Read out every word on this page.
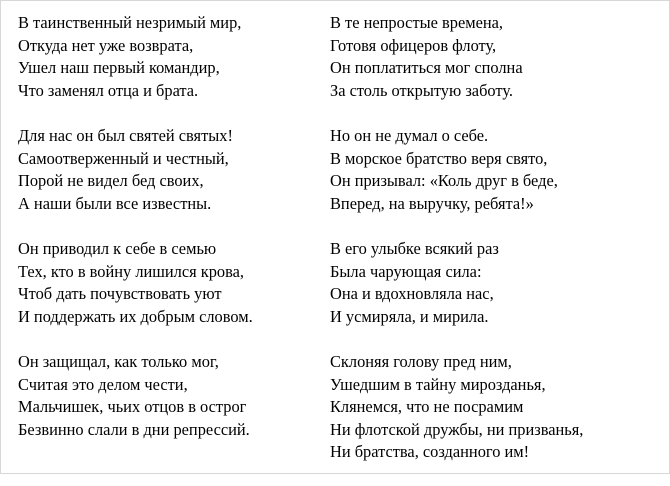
В таинственный незримый мир,
Откуда нет уже возврата,
Ушел наш первый командир,
Что заменял отца и брата.

Для нас он был святей святых!
Самоотверженный и честный,
Порой не видел бед своих,
А наши были все известны.

Он приводил к себе в семью
Тех, кто в войну лишился крова,
Чтоб дать почувствовать уют
И поддержать их добрым словом.

Он защищал, как только мог,
Считая это делом чести,
Мальчишек, чьих отцов в острог
Безвинно слали в дни репрессий.

В те непростые времена,
Готовя офицеров флоту,
Он поплатиться мог сполна
За столь открытую заботу.

Но он не думал о себе.
В морское братство веря свято,
Он призывал: «Коль друг в беде,
Вперед, на выручку, ребята!»

В его улыбке всякий раз
Была чарующая сила:
Она и вдохновляла нас,
И усмиряла, и мирила.

Склоняя голову пред ним,
Ушедшим в тайну мирозданья,
Клянемся, что не посрамим
Ни флотской дружбы, ни призванья,
Ни братства, созданного им!
